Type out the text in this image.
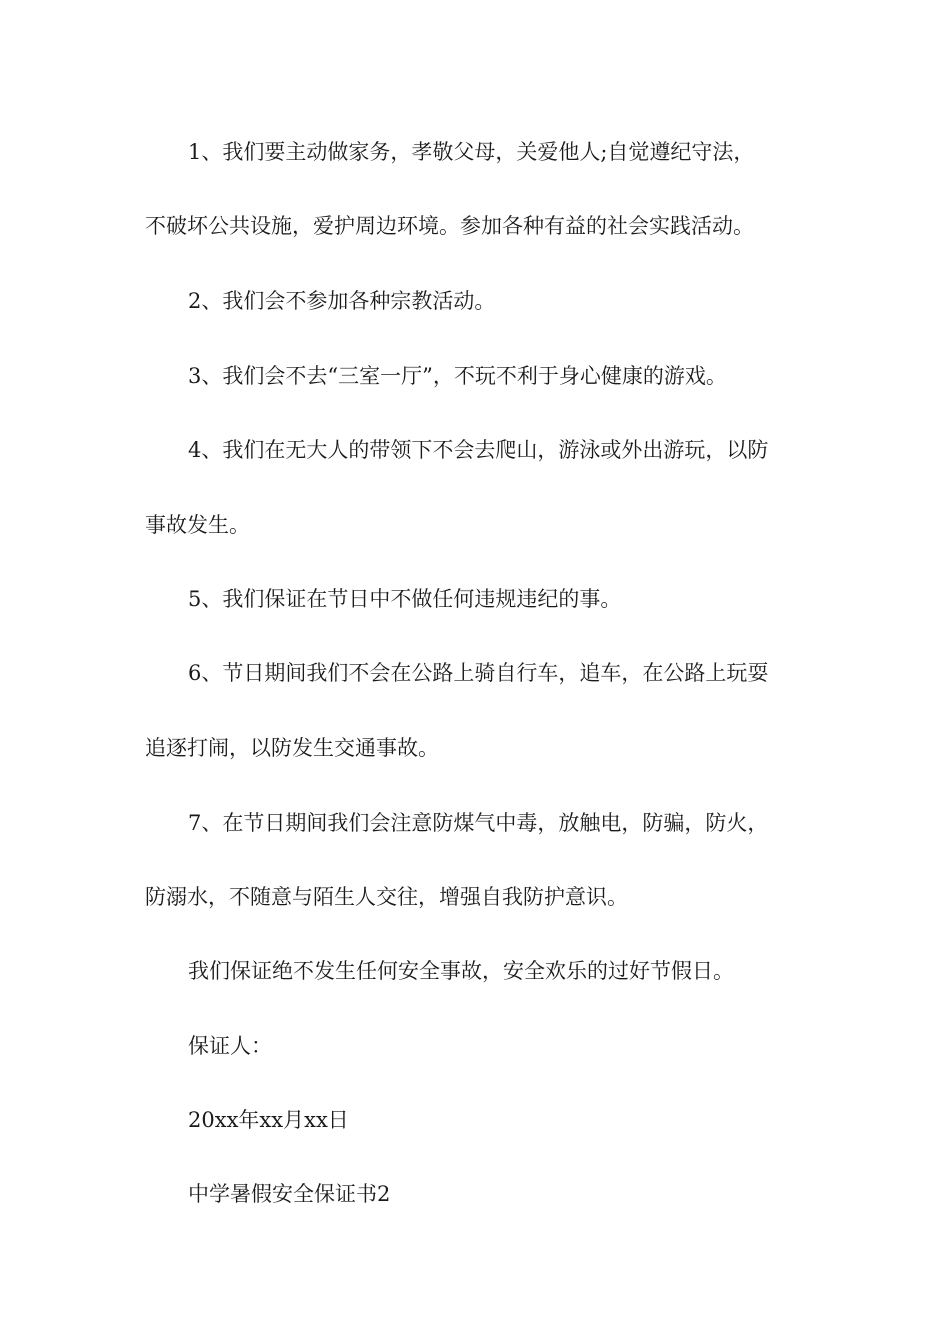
1、我们要主动做家务，孝敬父母，关爱他人;自觉遵纪守法，
不破坏公共设施，爱护周边环境。参加各种有益的社会实践活动。
2、我们会不参加各种宗教活动。
3、我们会不去“三室一厅”，不玩不利于身心健康的游戏。
4、我们在无大人的带领下不会去爬山，游泳或外出游玩，以防
事故发生。
5、我们保证在节日中不做任何违规违纪的事。
6、节日期间我们不会在公路上骑自行车，追车，在公路上玩耍
追逐打闹，以防发生交通事故。
7、在节日期间我们会注意防煤气中毒，放触电，防骗，防火，
防溺水，不随意与陌生人交往，增强自我防护意识。
我们保证绝不发生任何安全事故，安全欢乐的过好节假日。
保证人：
20xx年xx月xx日
中学暑假安全保证书2
